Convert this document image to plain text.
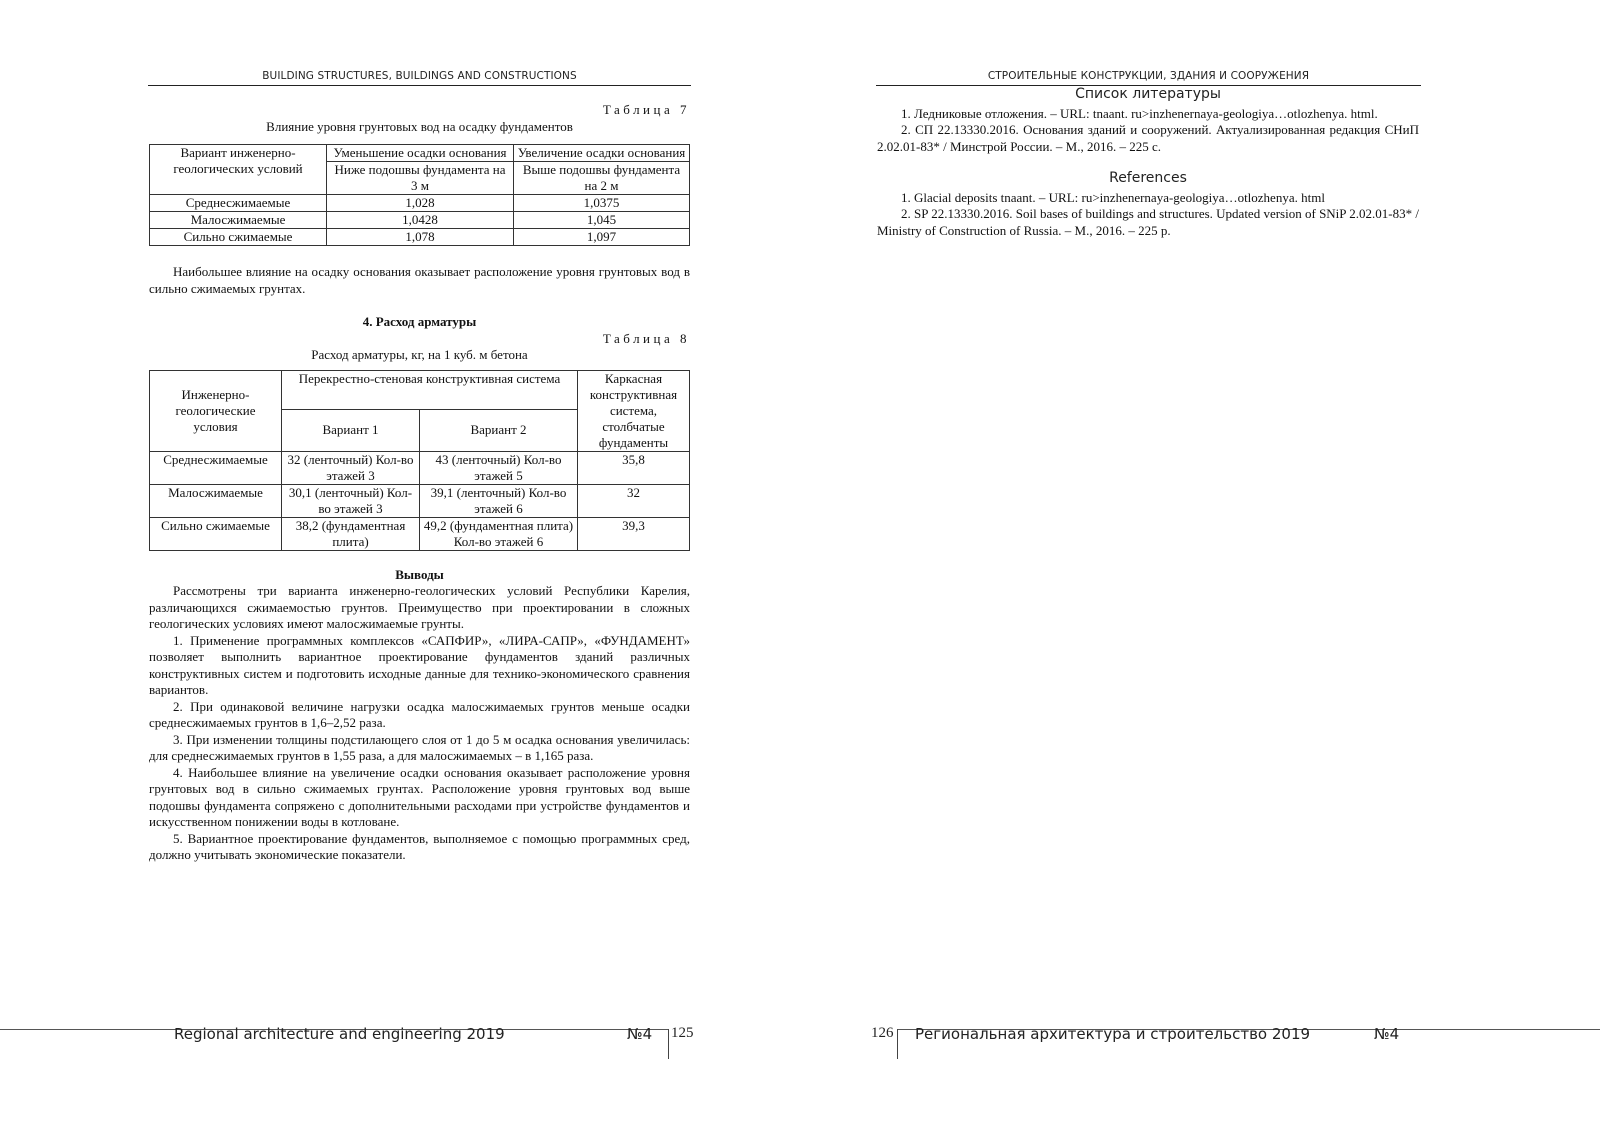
BUILDING STRUCTURES, BUILDINGS AND CONSTRUCTIONS
Таблица 7
Влияние уровня грунтовых вод на осадку фундаментов
Вариант инженерно-геологических условий	Уменьшение осадки основания	Увеличение осадки основания
	Ниже подошвы фундамента на 3 м	Выше подошвы фундамента на 2 м
Среднесжимаемые	1,028	1,0375
Малосжимаемые	1,0428	1,045
Сильно сжимаемые	1,078	1,097

Наибольшее влияние на осадку основания оказывает расположение уровня грунтовых вод в сильно сжимаемых грунтах.

4. Расход арматуры
Таблица 8
Расход арматуры, кг, на 1 куб. м бетона
Инженерно-геологические условия	Перекрестно-стеновая конструктивная система		Каркасная конструктивная система, столбчатые фундаменты
	Вариант 1	Вариант 2	
Среднесжимаемые	32 (ленточный) Кол-во этажей 3	43 (ленточный) Кол-во этажей 5	35,8
Малосжимаемые	30,1 (ленточный) Кол-во этажей 3	39,1 (ленточный) Кол-во этажей 6	32
Сильно сжимаемые	38,2 (фундаментная плита)	49,2 (фундаментная плита) Кол-во этажей 6	39,3
Выводы

Рассмотрены три варианта инженерно-геологических условий Республики Карелия, различающихся сжимаемостью грунтов. Преимущество при проектировании в сложных геологических условиях имеют малосжимаемые грунты.

1. Применение программных комплексов «САПФИР», «ЛИРА-САПР», «ФУНДАМЕНТ» позволяет выполнить вариантное проектирование фундаментов зданий различных конструктивных систем и подготовить исходные данные для технико-экономического сравнения вариантов.

2. При одинаковой величине нагрузки осадка малосжимаемых грунтов меньше осадки среднесжимаемых грунтов в 1,6–2,52 раза.

3. При изменении толщины подстилающего слоя от 1 до 5 м осадка основания увеличилась: для среднесжимаемых грунтов в 1,55 раза, а для малосжимаемых – в 1,165 раза.

4. Наибольшее влияние на увеличение осадки основания оказывает расположение уровня грунтовых вод в сильно сжимаемых грунтах. Расположение уровня грунтовых вод выше подошвы фундамента сопряжено с дополнительными расходами при устройстве фундаментов и искусственном понижении воды в котловане.

5. Вариантное проектирование фундаментов, выполняемое с помощью программных сред, должно учитывать экономические показатели.

Regional architecture and engineering 2019	№4 125
СТРОИТЕЛЬНЫЕ КОНСТРУКЦИИ, ЗДАНИЯ И СООРУЖЕНИЯ
Список литературы
1. Ледниковые отложения. – URL: tnaant. ru>inzhenernaya-geologiya…otlozhenya. html.
2. СП 22.13330.2016. Основания зданий и сооружений. Актуализированная редакция СНиП 2.02.01-83* / Минстрой России. – М., 2016. – 225 с.
References
1. Glacial deposits tnaant. – URL: ru>inzhenernaya-geologiya…otlozhenya. html
2. SP 22.13330.2016. Soil bases of buildings and structures. Updated version of SNiP 2.02.01-83* / Ministry of Construction of Russia. – M., 2016. – 225 p.
126 Региональная архитектура и строительство 2019	№4
